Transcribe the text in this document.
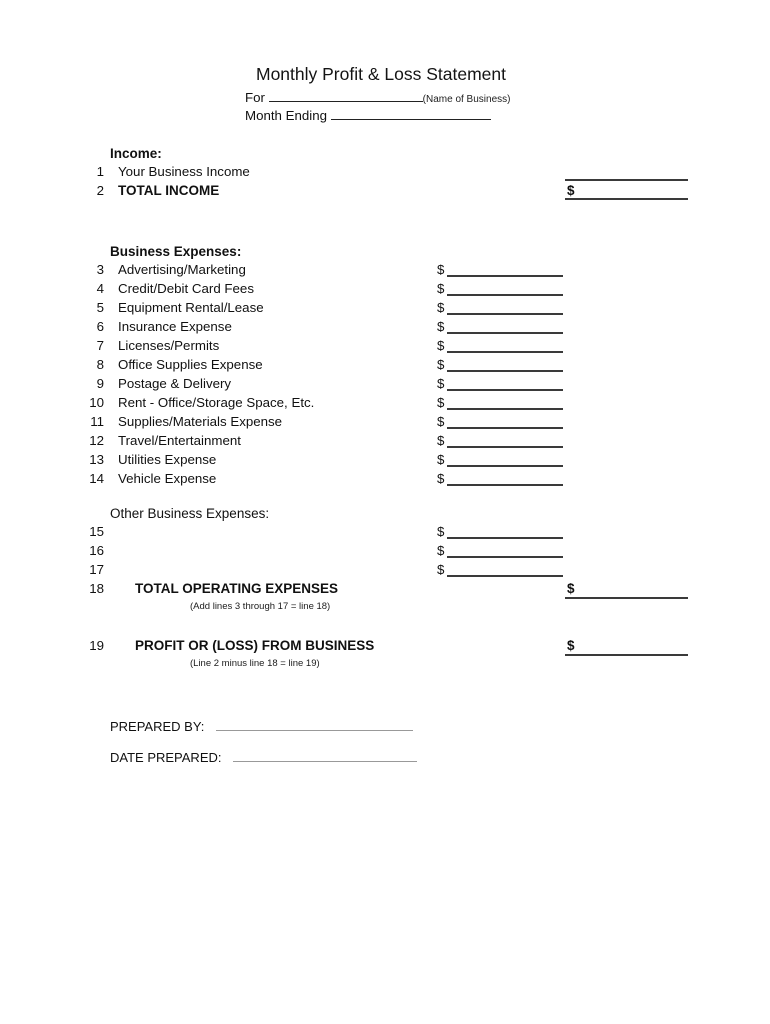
Monthly Profit & Loss Statement
For	(Name of Business)
Month Ending
Income:
1 Your Business Income
2 TOTAL INCOME	$
Business Expenses:
3 Advertising/Marketing	$
4 Credit/Debit Card Fees	$
5 Equipment Rental/Lease	$
6 Insurance Expense	$
7 Licenses/Permits	$
8 Office Supplies Expense	$
9 Postage & Delivery	$
10 Rent - Office/Storage Space, Etc.	$
11 Supplies/Materials Expense	$
12 Travel/Entertainment	$
13 Utilities Expense	$
14 Vehicle Expense	$
Other Business Expenses:
15	$
16	$
17	$
18 TOTAL OPERATING EXPENSES	$
(Add lines 3 through 17 = line 18)
19 PROFIT OR (LOSS) FROM BUSINESS	$
(Line 2 minus line 18 = line 19)
PREPARED BY:
DATE PREPARED:
